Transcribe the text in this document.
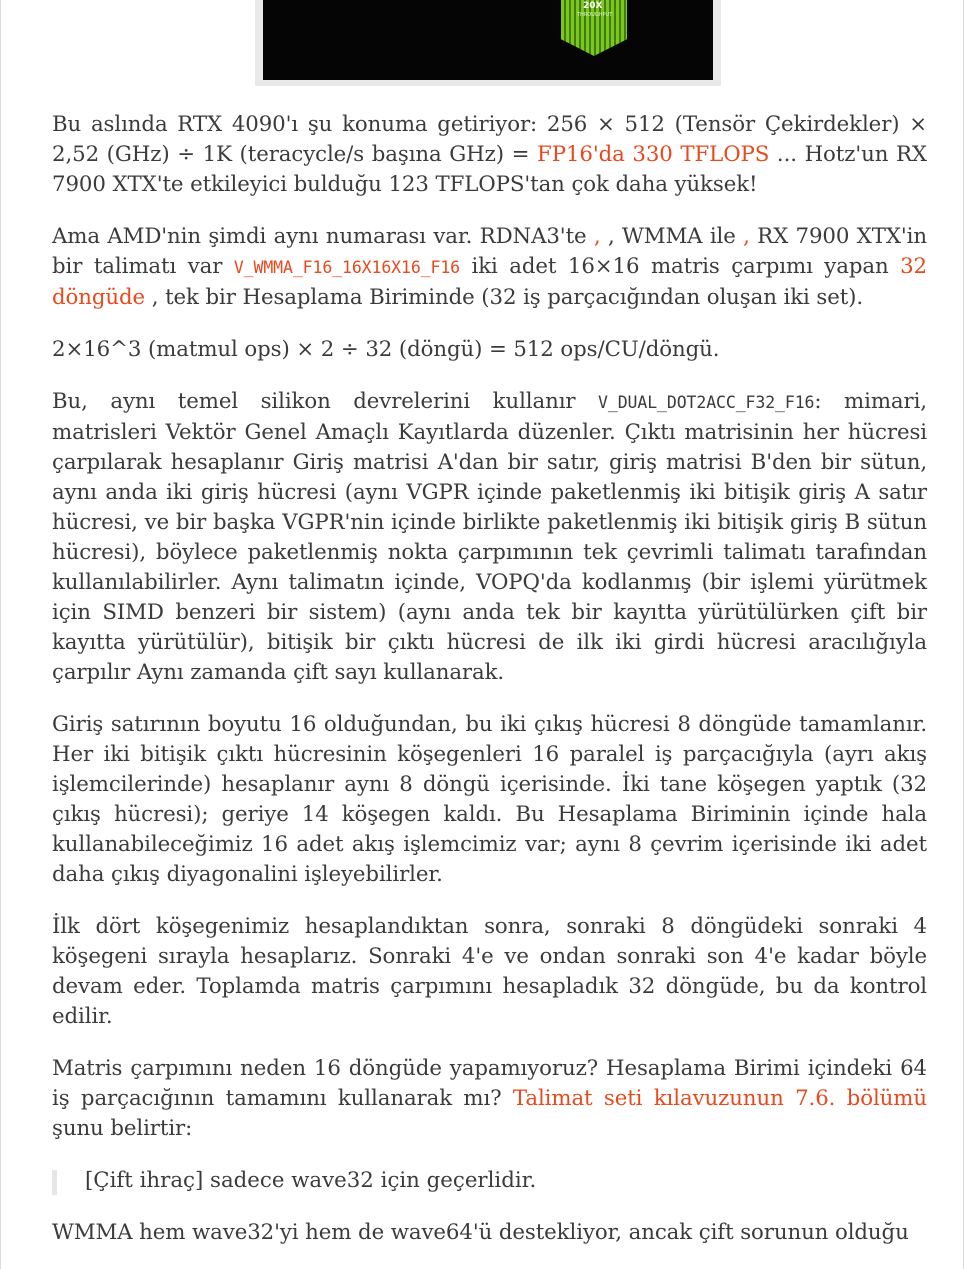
20X
THROUGHPUT

Bu aslında RTX 4090'ı şu konuma getiriyor: 256 × 512 (Tensör Çekirdekler) × 2,52 (GHz) ÷ 1K (teracycle/s başına GHz) = FP16'da 330 TFLOPS ... Hotz'un RX 7900 XTX'te etkileyici bulduğu 123 TFLOPS'tan çok daha yüksek!

Ama AMD'nin şimdi aynı numarası var. RDNA3'te , , WMMA ile , RX 7900 XTX'in bir talimatı var V_WMMA_F16_16X16X16_F16 iki adet 16×16 matris çarpımı yapan 32 döngüde , tek bir Hesaplama Biriminde (32 iş parçacığından oluşan iki set).

2×16^3 (matmul ops) × 2 ÷ 32 (döngü) = 512 ops/CU/döngü.

Bu, aynı temel silikon devrelerini kullanır V_DUAL_DOT2ACC_F32_F16: mimari, matrisleri Vektör Genel Amaçlı Kayıtlarda düzenler. Çıktı matrisinin her hücresi çarpılarak hesaplanır Giriş matrisi A'dan bir satır, giriş matrisi B'den bir sütun, aynı anda iki giriş hücresi (aynı VGPR içinde paketlenmiş iki bitişik giriş A satır hücresi, ve bir başka VGPR'nin içinde birlikte paketlenmiş iki bitişik giriş B sütun hücresi), böylece paketlenmiş nokta çarpımının tek çevrimli talimatı tarafından kullanılabilirler. Aynı talimatın içinde, VOPQ'da kodlanmış (bir işlemi yürütmek için SIMD benzeri bir sistem) (aynı anda tek bir kayıtta yürütülürken çift bir kayıtta yürütülür), bitişik bir çıktı hücresi de ilk iki girdi hücresi aracılığıyla çarpılır Aynı zamanda çift sayı kullanarak.

Giriş satırının boyutu 16 olduğundan, bu iki çıkış hücresi 8 döngüde tamamlanır. Her iki bitişik çıktı hücresinin köşegenleri 16 paralel iş parçacığıyla (ayrı akış işlemcilerinde) hesaplanır aynı 8 döngü içerisinde. İki tane köşegen yaptık (32 çıkış hücresi); geriye 14 köşegen kaldı. Bu Hesaplama Biriminin içinde hala kullanabileceğimiz 16 adet akış işlemcimiz var; aynı 8 çevrim içerisinde iki adet daha çıkış diyagonalini işleyebilirler.

İlk dört köşegenimiz hesaplandıktan sonra, sonraki 8 döngüdeki sonraki 4 köşegeni sırayla hesaplarız. Sonraki 4'e ve ondan sonraki son 4'e kadar böyle devam eder. Toplamda matris çarpımını hesapladık 32 döngüde, bu da kontrol edilir.

Matris çarpımını neden 16 döngüde yapamıyoruz? Hesaplama Birimi içindeki 64 iş parçacığının tamamını kullanarak mı? Talimat seti kılavuzunun 7.6. bölümü şunu belirtir:

[Çift ihraç] sadece wave32 için geçerlidir.

WMMA hem wave32'yi hem de wave64'ü destekliyor, ancak çift sorunun olduğu
